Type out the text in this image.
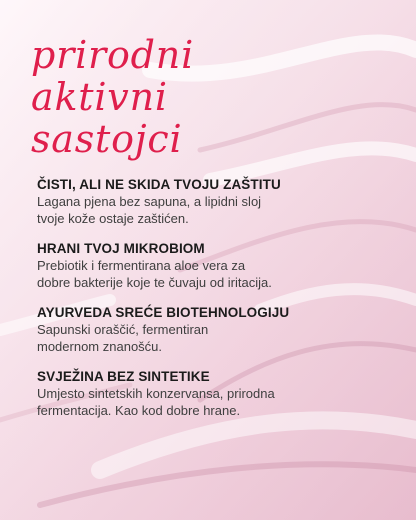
prirodni
aktivni
sastojci

ČISTI, ALI NE SKIDA TVOJU ZAŠTITU

Lagana pjena bez sapuna, a lipidni sloj
tvoje kože ostaje zaštićen.

HRANI TVOJ MIKROBIOM

Prebiotik i fermentirana aloe vera za
dobre bakterije koje te čuvaju od iritacija.

AYURVEDA SREĆE BIOTEHNOLOGIJU

Sapunski oraščić, fermentiran
modernom znanošću.

SVJEŽINA BEZ SINTETIKE

Umjesto sintetskih konzervansa, prirodna
fermentacija. Kao kod dobre hrane.
